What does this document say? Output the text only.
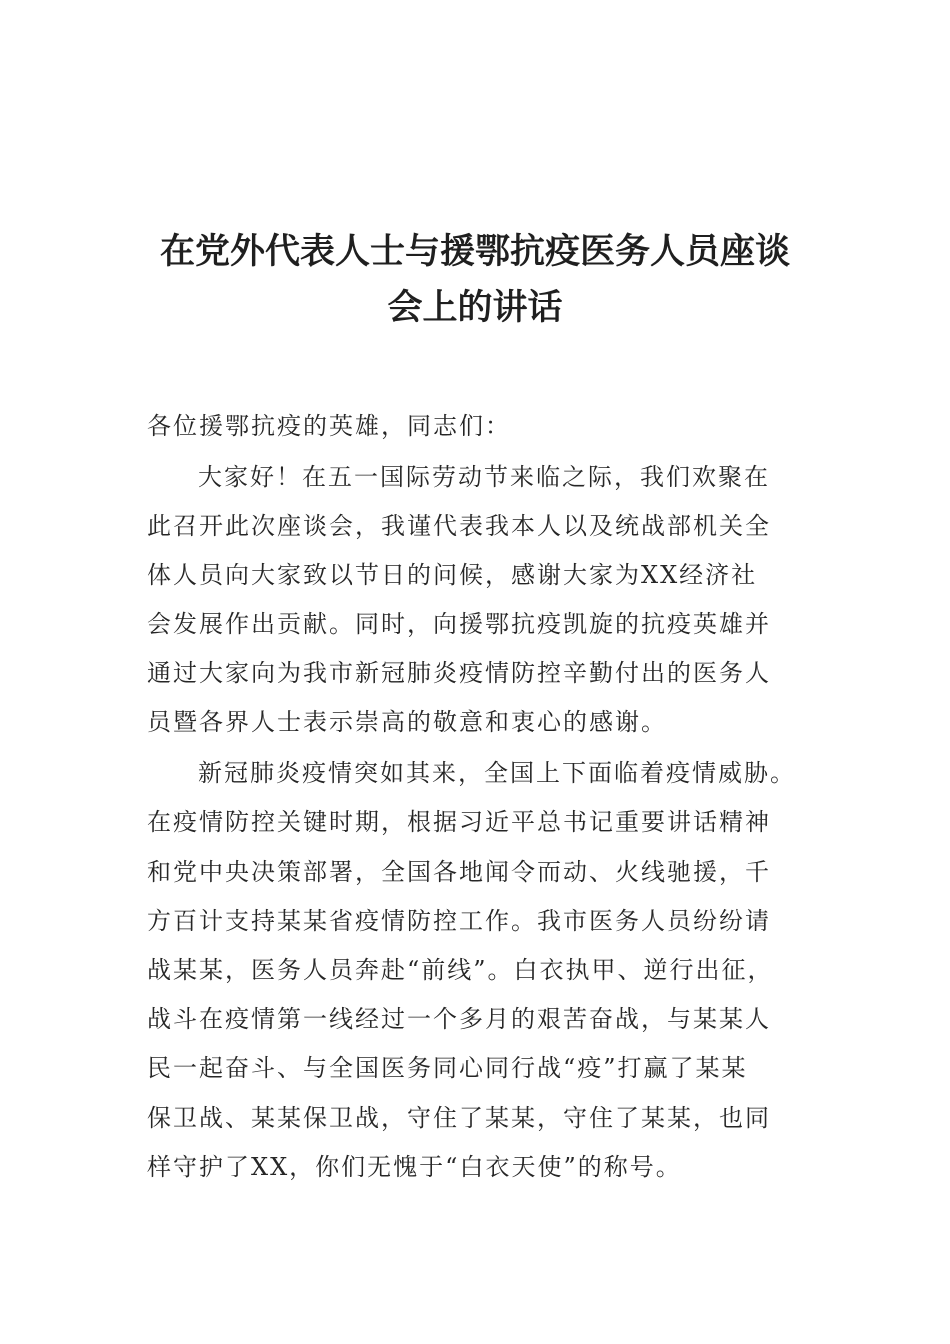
在党外代表人士与援鄂抗疫医务人员座谈
会上的讲话

各位援鄂抗疫的英雄，同志们：

大家好！在五一国际劳动节来临之际，我们欢聚在

此召开此次座谈会，我谨代表我本人以及统战部机关全

体人员向大家致以节日的问候，感谢大家为XX经济社

会发展作出贡献。同时，向援鄂抗疫凯旋的抗疫英雄并

通过大家向为我市新冠肺炎疫情防控辛勤付出的医务人

员暨各界人士表示崇高的敬意和衷心的感谢。

新冠肺炎疫情突如其来，全国上下面临着疫情威胁。

在疫情防控关键时期，根据习近平总书记重要讲话精神

和党中央决策部署，全国各地闻令而动、火线驰援，千

方百计支持某某省疫情防控工作。我市医务人员纷纷请

战某某，医务人员奔赴“前线”。白衣执甲、逆行出征，

战斗在疫情第一线经过一个多月的艰苦奋战，与某某人

民一起奋斗、与全国医务同心同行战“疫”打赢了某某

保卫战、某某保卫战，守住了某某，守住了某某，也同

样守护了XX，你们无愧于“白衣天使”的称号。
